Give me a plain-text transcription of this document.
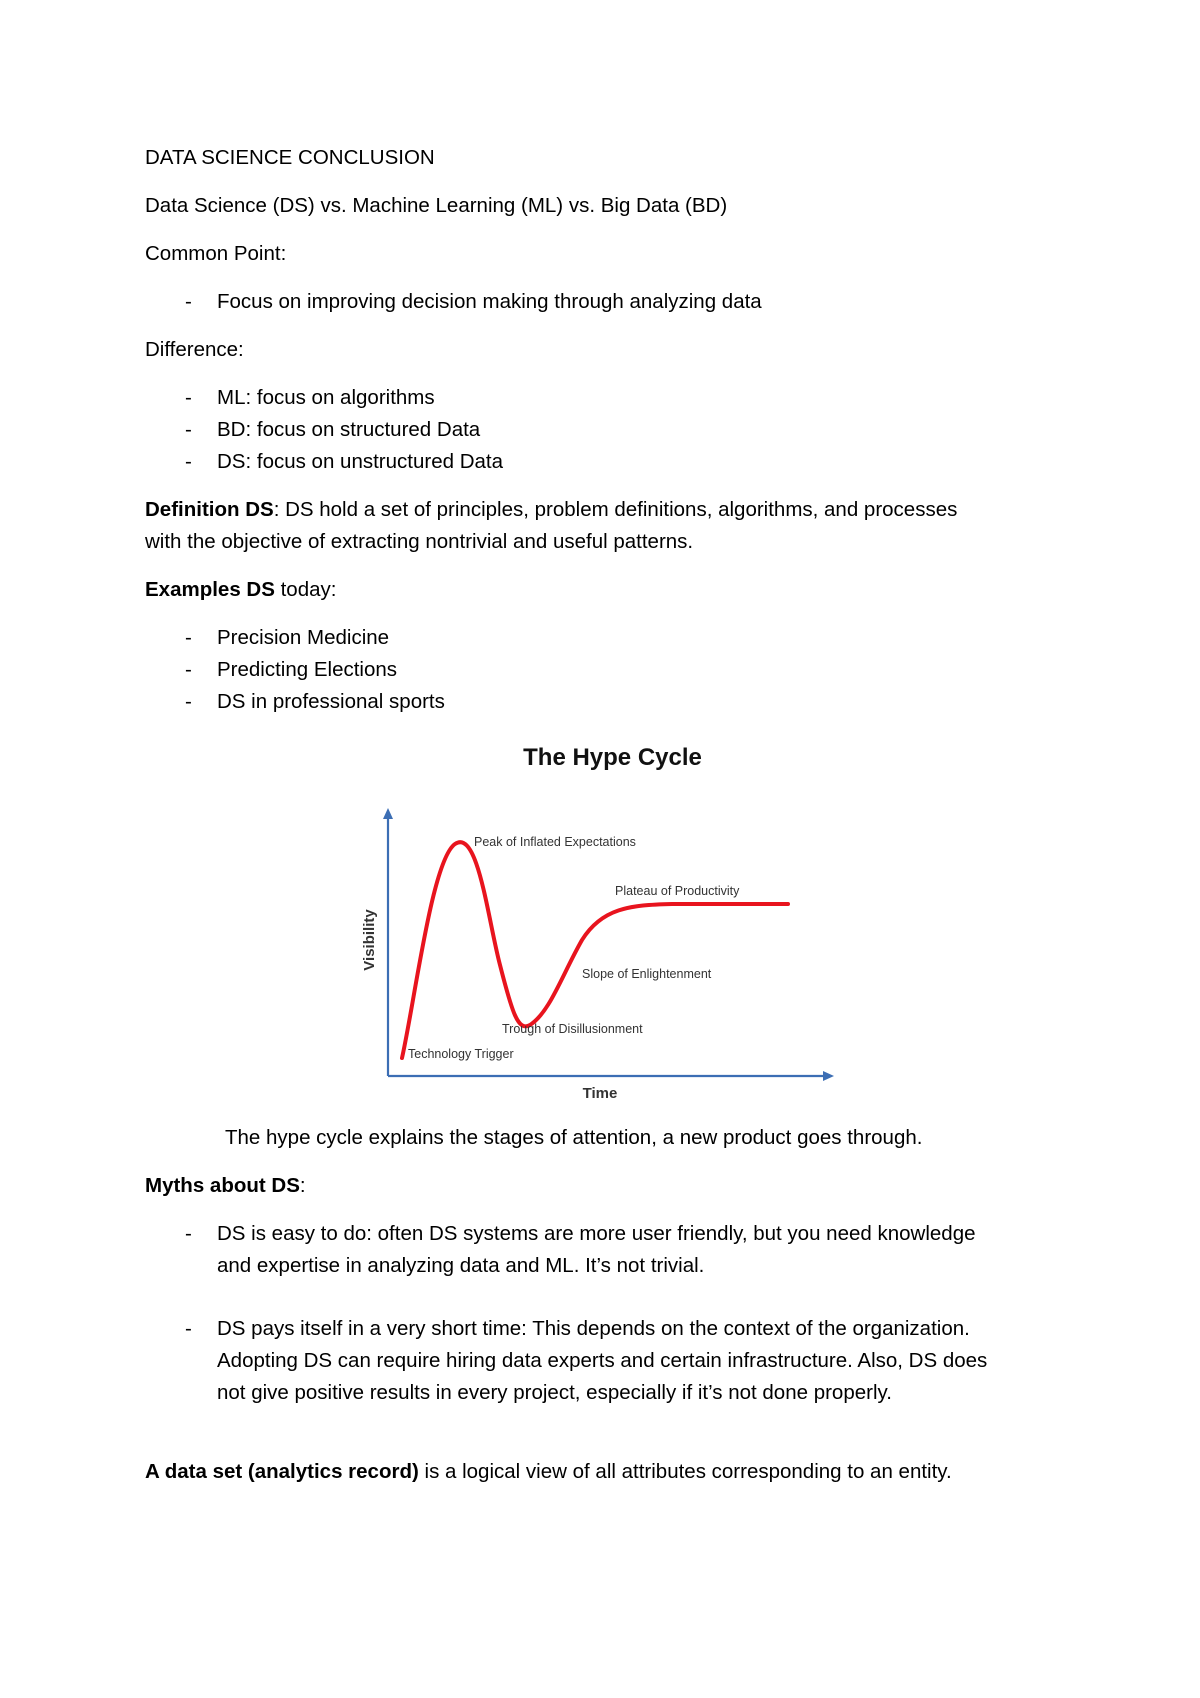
DATA SCIENCE CONCLUSION
Data Science (DS) vs. Machine Learning (ML) vs. Big Data (BD)
Common Point:
- Focus on improving decision making through analyzing data
Difference:
- ML: focus on algorithms
- BD: focus on structured Data
- DS: focus on unstructured Data
Definition DS: DS hold a set of principles, problem definitions, algorithms, and processes
with the objective of extracting nontrivial and useful patterns.
Examples DS today:
- Precision Medicine
- Predicting Elections
- DS in professional sports
The Hype Cycle
Visibility
Time
Technology Trigger
Peak of Inflated Expectations
Trough of Disillusionment
Slope of Enlightenment
Plateau of Productivity
The hype cycle explains the stages of attention, a new product goes through.
Myths about DS:
- DS is easy to do: often DS systems are more user friendly, but you need knowledge
and expertise in analyzing data and ML. It’s not trivial.
- DS pays itself in a very short time: This depends on the context of the organization.
Adopting DS can require hiring data experts and certain infrastructure. Also, DS does
not give positive results in every project, especially if it’s not done properly.
A data set (analytics record) is a logical view of all attributes corresponding to an entity.
